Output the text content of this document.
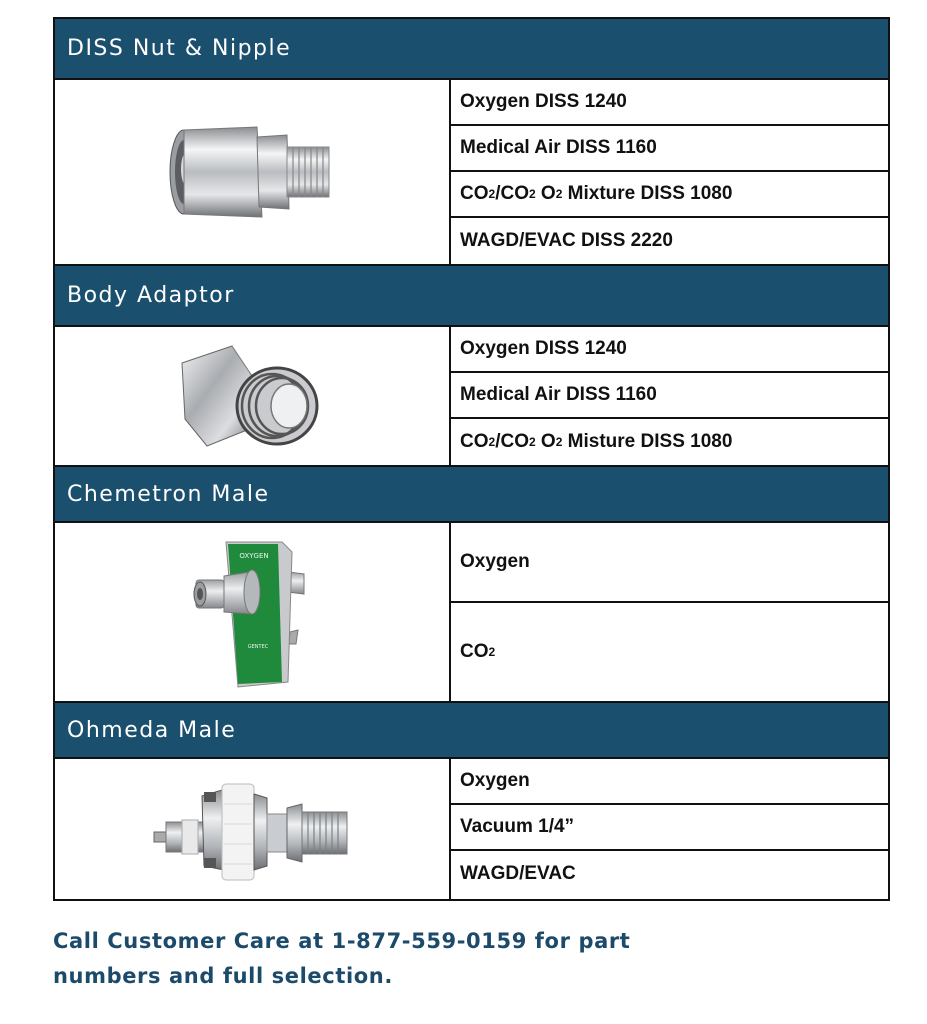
DISS Nut & Nipple
Oxygen DISS 1240
Medical Air DISS 1160
CO 2 /CO 2 O 2 Mixture DISS 1080
WAGD/EVAC DISS 2220
Body Adaptor
Oxygen DISS 1240
Medical Air DISS 1160
CO 2 /CO 2 O 2 Misture DISS 1080
Chemetron Male
OXYGEN
GENTEC
Oxygen
CO 2
Ohmeda Male
Oxygen
Vacuum 1/4”
WAGD/EVAC
Call Customer Care at 1-877-559-0159 for part
numbers and full selection.
